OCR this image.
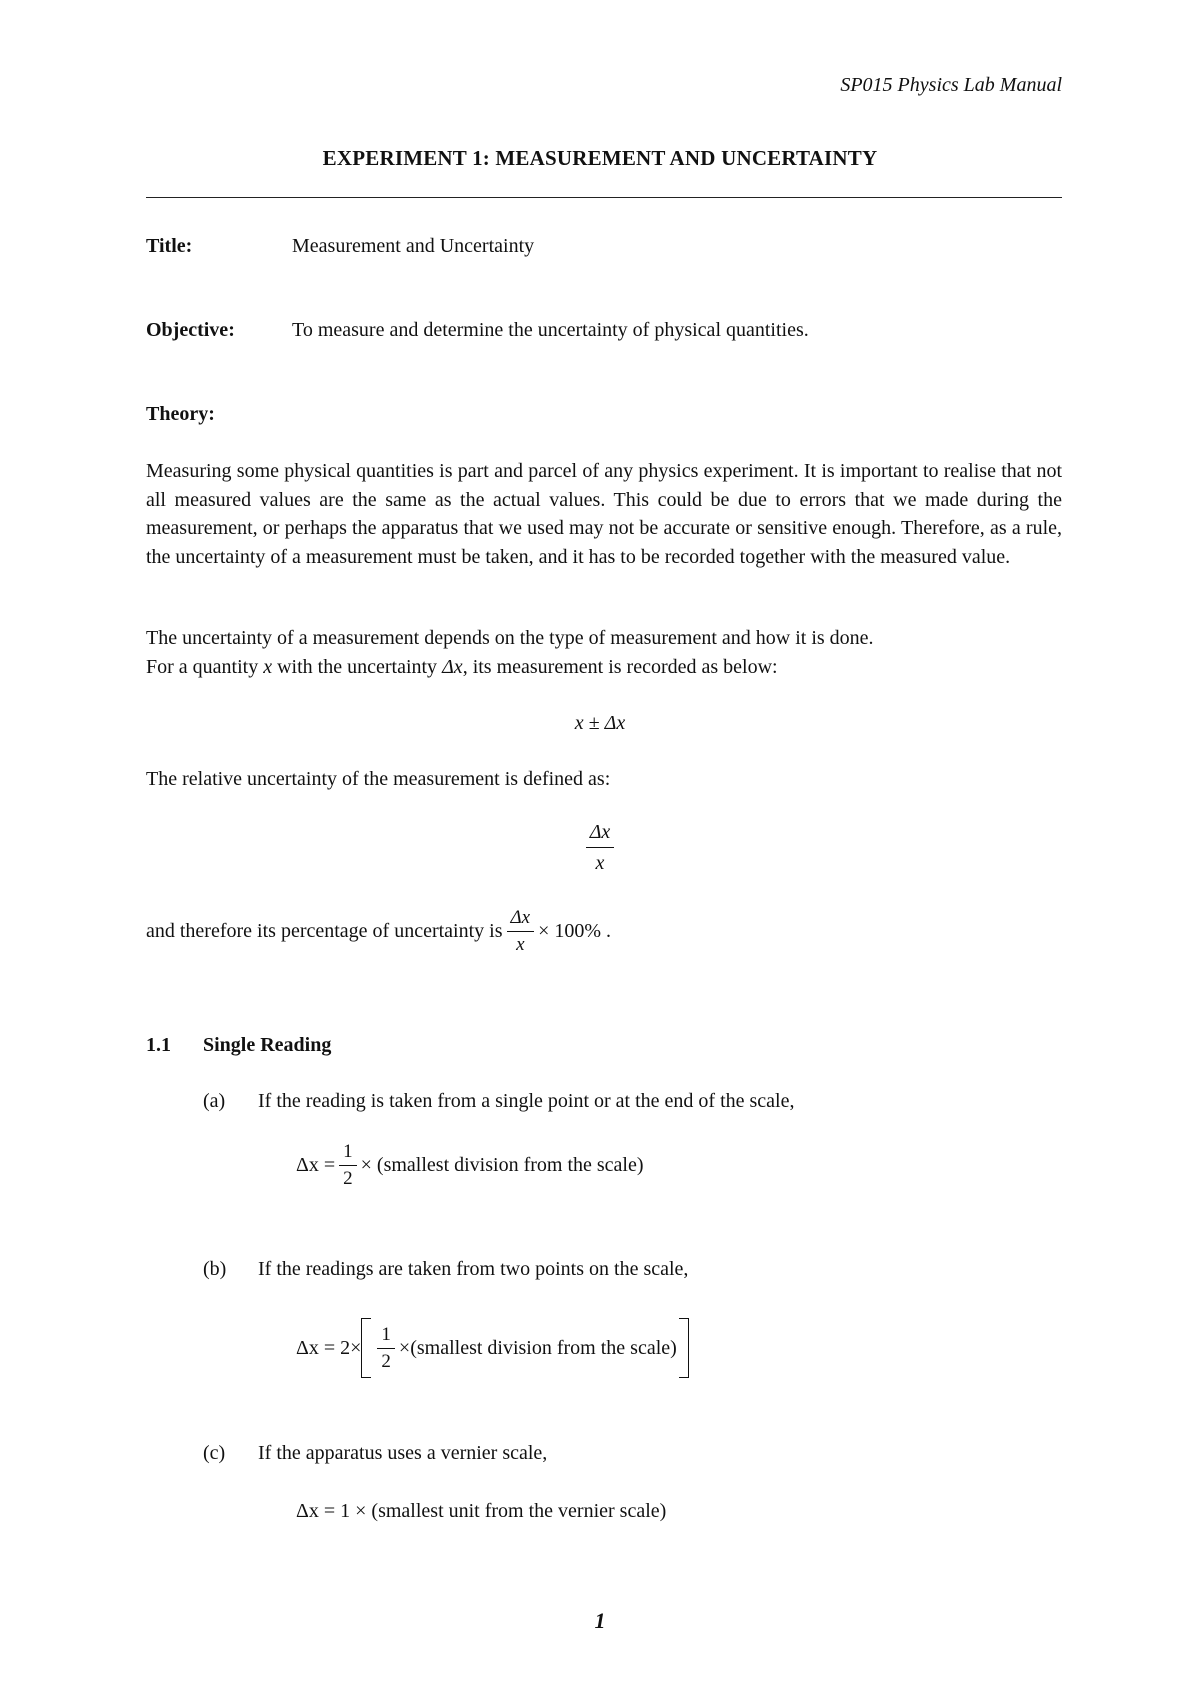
SP015 Physics Lab Manual
EXPERIMENT 1: MEASUREMENT AND UNCERTAINTY
Title:	Measurement and Uncertainty
Objective:	To measure and determine the uncertainty of physical quantities.
Theory:
Measuring some physical quantities is part and parcel of any physics experiment. It is important to realise that not all measured values are the same as the actual values. This could be due to errors that we made during the measurement, or perhaps the apparatus that we used may not be accurate or sensitive enough. Therefore, as a rule, the uncertainty of a measurement must be taken, and it has to be recorded together with the measured value.
The uncertainty of a measurement depends on the type of measurement and how it is done.
For a quantity x with the uncertainty Δx, its measurement is recorded as below:
x ± Δx
The relative uncertainty of the measurement is defined as:
$\frac{\Delta x}{x}$
and therefore its percentage of uncertainty is $\frac{\Delta x}{x} \times 100\%$ .
1.1 Single Reading
(a) If the reading is taken from a single point or at the end of the scale,
$\Delta x = \frac{1}{2}$ × (smallest division from the scale)
(b) If the readings are taken from two points on the scale,
$\Delta x = 2\times \frac{1}{2}$ ×(smallest division from the scale)
(c) If the apparatus uses a vernier scale,
Δx = 1 × (smallest unit from the vernier scale)
1
